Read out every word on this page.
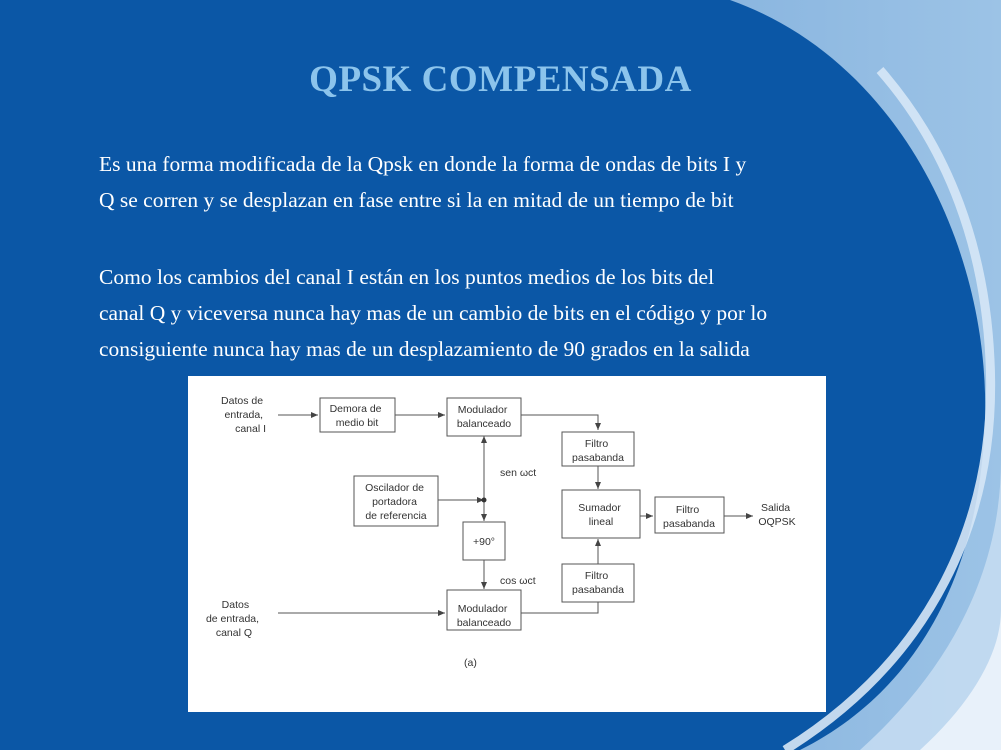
QPSK COMPENSADA
Es una forma modificada de la Qpsk en donde la forma de ondas de bits I y
Q se corren y se desplazan en fase entre si la en mitad de un tiempo de bit
Como los cambios del canal I están en los puntos medios de los bits del
canal Q y viceversa nunca hay mas de un cambio de bits en el código y por lo
consiguiente nunca hay mas de un desplazamiento de 90 grados en la salida
Datos de entrada, canal I
Datos de entrada, canal Q
Demora de medio bit
Modulador balanceado
Oscilador de portadora de referencia
+90°
sen ωct
cos ωct
Modulador balanceado
Filtro pasabanda
Sumador lineal
Filtro pasabanda
Filtro pasabanda
Salida OQPSK
(a)
